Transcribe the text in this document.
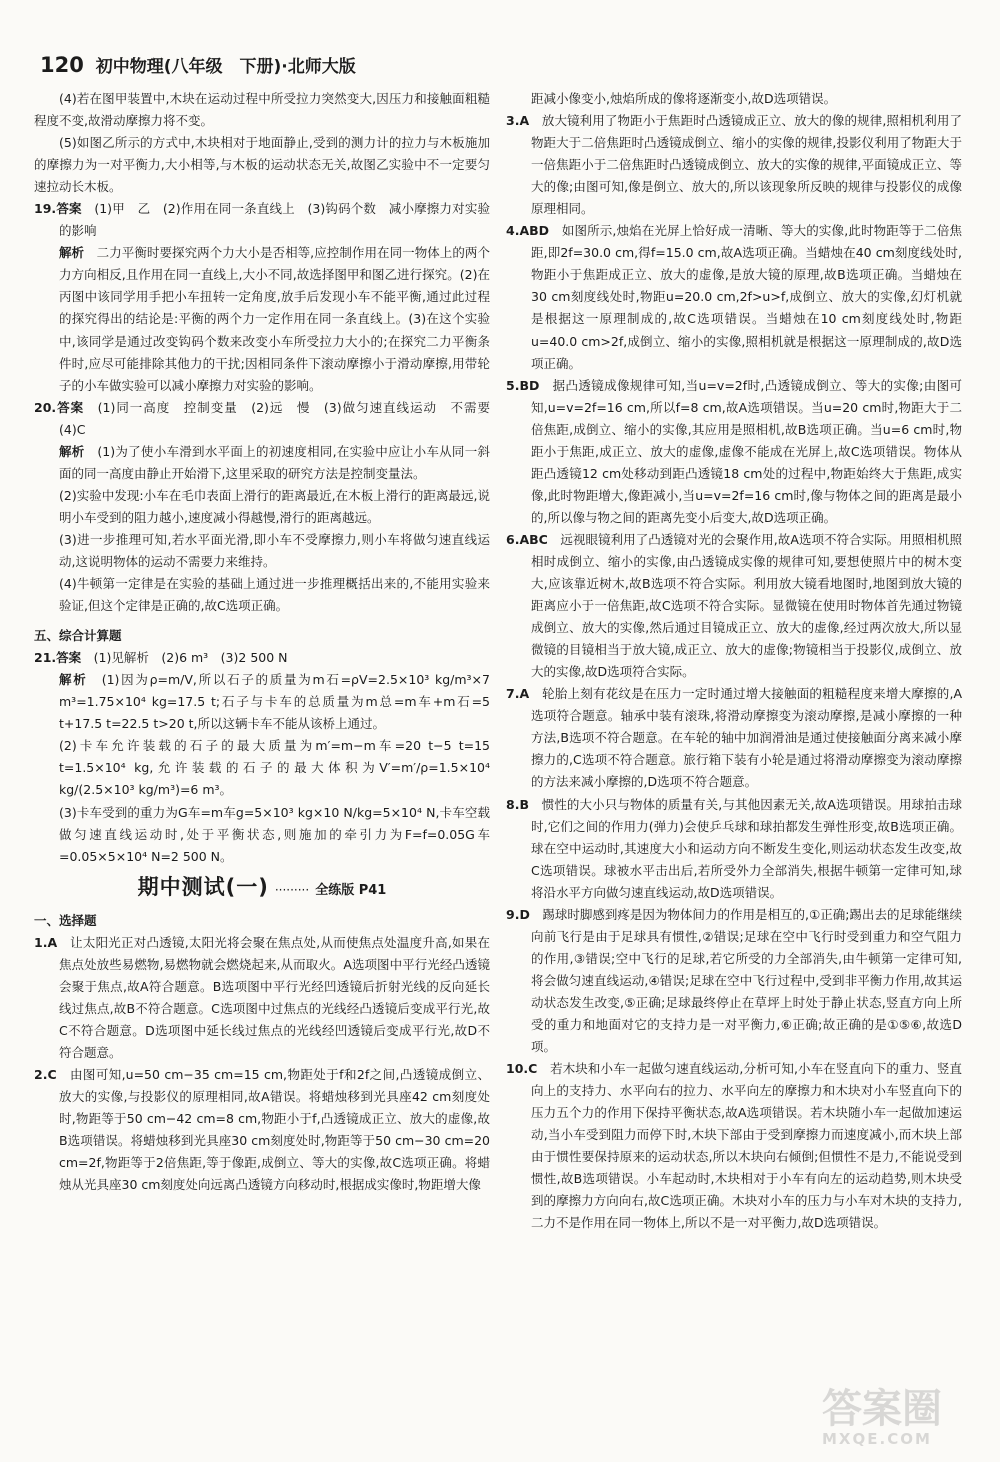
120 初中物理(八年级　下册)·北师大版

(4)若在图甲装置中,木块在运动过程中所受拉力突然变大,因压力和接触面粗糙程度不变,故滑动摩擦力将不变。

(5)如图乙所示的方式中,木块相对于地面静止,受到的测力计的拉力与木板施加的摩擦力为一对平衡力,大小相等,与木板的运动状态无关,故图乙实验中不一定要匀速拉动长木板。

19.答案　(1)甲　乙　(2)作用在同一条直线上　(3)钩码个数　减小摩擦力对实验的影响

解析　二力平衡时要探究两个力大小是否相等,应控制作用在同一物体上的两个力方向相反,且作用在同一直线上,大小不同,故选择图甲和图乙进行探究。(2)在丙图中该同学用手把小车扭转一定角度,放手后发现小车不能平衡,通过此过程的探究得出的结论是:平衡的两个力一定作用在同一条直线上。(3)在这个实验中,该同学是通过改变钩码个数来改变小车所受拉力大小的;在探究二力平衡条件时,应尽可能排除其他力的干扰;因相同条件下滚动摩擦小于滑动摩擦,用带轮子的小车做实验可以减小摩擦力对实验的影响。

20.答案　(1)同一高度　控制变量　(2)远　慢　(3)做匀速直线运动　不需要　(4)C

解析　(1)为了使小车滑到水平面上的初速度相同,在实验中应让小车从同一斜面的同一高度由静止开始滑下,这里采取的研究方法是控制变量法。

(2)实验中发现:小车在毛巾表面上滑行的距离最近,在木板上滑行的距离最远,说明小车受到的阻力越小,速度减小得越慢,滑行的距离越远。

(3)进一步推理可知,若水平面光滑,即小车不受摩擦力,则小车将做匀速直线运动,这说明物体的运动不需要力来维持。

(4)牛顿第一定律是在实验的基础上通过进一步推理概括出来的,不能用实验来验证,但这个定律是正确的,故C选项正确。

五、综合计算题

21.答案　(1)见解析　(2)6 m³　(3)2 500 N

解析　(1)因为ρ=m/V,所以石子的质量为m石=ρV=2.5×10³ kg/m³×7 m³=1.75×10⁴ kg=17.5 t;石子与卡车的总质量为m总=m车+m石=5 t+17.5 t=22.5 t>20 t,所以这辆卡车不能从该桥上通过。

(2)卡车允许装载的石子的最大质量为m′=m−m车=20 t−5 t=15 t=1.5×10⁴ kg,允许装载的石子的最大体积为V′=m′/ρ=1.5×10⁴ kg/(2.5×10³ kg/m³)=6 m³。

(3)卡车受到的重力为G车=m车g=5×10³ kg×10 N/kg=5×10⁴ N,卡车空载做匀速直线运动时,处于平衡状态,则施加的牵引力为F=f=0.05G车=0.05×5×10⁴ N=2 500 N。

期中测试(一) ········· 全练版 P41

一、选择题

1.A　让太阳光正对凸透镜,太阳光将会聚在焦点处,从而使焦点处温度升高,如果在焦点处放些易燃物,易燃物就会燃烧起来,从而取火。A选项图中平行光经凸透镜会聚于焦点,故A符合题意。B选项图中平行光经凹透镜后折射光线的反向延长线过焦点,故B不符合题意。C选项图中过焦点的光线经凸透镜后变成平行光,故C不符合题意。D选项图中延长线过焦点的光线经凹透镜后变成平行光,故D不符合题意。

2.C　由图可知,u=50 cm−35 cm=15 cm,物距处于f和2f之间,凸透镜成倒立、放大的实像,与投影仪的原理相同,故A错误。将蜡烛移到光具座42 cm刻度处时,物距等于50 cm−42 cm=8 cm,物距小于f,凸透镜成正立、放大的虚像,故B选项错误。将蜡烛移到光具座30 cm刻度处时,物距等于50 cm−30 cm=20 cm=2f,物距等于2倍焦距,等于像距,成倒立、等大的实像,故C选项正确。将蜡烛从光具座30 cm刻度处向远离凸透镜方向移动时,根据成实像时,物距增大像

距减小像变小,烛焰所成的像将逐渐变小,故D选项错误。

3.A　放大镜利用了物距小于焦距时凸透镜成正立、放大的像的规律,照相机利用了物距大于二倍焦距时凸透镜成倒立、缩小的实像的规律,投影仪利用了物距大于一倍焦距小于二倍焦距时凸透镜成倒立、放大的实像的规律,平面镜成正立、等大的像;由图可知,像是倒立、放大的,所以该现象所反映的规律与投影仪的成像原理相同。

4.ABD　如图所示,烛焰在光屏上恰好成一清晰、等大的实像,此时物距等于二倍焦距,即2f=30.0 cm,得f=15.0 cm,故A选项正确。当蜡烛在40 cm刻度线处时,物距小于焦距成正立、放大的虚像,是放大镜的原理,故B选项正确。当蜡烛在30 cm刻度线处时,物距u=20.0 cm,2f>u>f,成倒立、放大的实像,幻灯机就是根据这一原理制成的,故C选项错误。当蜡烛在10 cm刻度线处时,物距u=40.0 cm>2f,成倒立、缩小的实像,照相机就是根据这一原理制成的,故D选项正确。

5.BD　据凸透镜成像规律可知,当u=v=2f时,凸透镜成倒立、等大的实像;由图可知,u=v=2f=16 cm,所以f=8 cm,故A选项错误。当u=20 cm时,物距大于二倍焦距,成倒立、缩小的实像,其应用是照相机,故B选项正确。当u=6 cm时,物距小于焦距,成正立、放大的虚像,虚像不能成在光屏上,故C选项错误。物体从距凸透镜12 cm处移动到距凸透镜18 cm处的过程中,物距始终大于焦距,成实像,此时物距增大,像距减小,当u=v=2f=16 cm时,像与物体之间的距离是最小的,所以像与物之间的距离先变小后变大,故D选项正确。

6.ABC　远视眼镜利用了凸透镜对光的会聚作用,故A选项不符合实际。用照相机照相时成倒立、缩小的实像,由凸透镜成实像的规律可知,要想使照片中的树木变大,应该靠近树木,故B选项不符合实际。利用放大镜看地图时,地图到放大镜的距离应小于一倍焦距,故C选项不符合实际。显微镜在使用时物体首先通过物镜成倒立、放大的实像,然后通过目镜成正立、放大的虚像,经过两次放大,所以显微镜的目镜相当于放大镜,成正立、放大的虚像;物镜相当于投影仪,成倒立、放大的实像,故D选项符合实际。

7.A　轮胎上刻有花纹是在压力一定时通过增大接触面的粗糙程度来增大摩擦的,A选项符合题意。轴承中装有滚珠,将滑动摩擦变为滚动摩擦,是减小摩擦的一种方法,B选项不符合题意。在车轮的轴中加润滑油是通过使接触面分离来减小摩擦力的,C选项不符合题意。旅行箱下装有小轮是通过将滑动摩擦变为滚动摩擦的方法来减小摩擦的,D选项不符合题意。

8.B　惯性的大小只与物体的质量有关,与其他因素无关,故A选项错误。用球拍击球时,它们之间的作用力(弹力)会使乒乓球和球拍都发生弹性形变,故B选项正确。球在空中运动时,其速度大小和运动方向不断发生变化,则运动状态发生改变,故C选项错误。球被水平击出后,若所受外力全部消失,根据牛顿第一定律可知,球将沿水平方向做匀速直线运动,故D选项错误。

9.D　踢球时脚感到疼是因为物体间力的作用是相互的,①正确;踢出去的足球能继续向前飞行是由于足球具有惯性,②错误;足球在空中飞行时受到重力和空气阻力的作用,③错误;空中飞行的足球,若它所受的力全部消失,由牛顿第一定律可知,将会做匀速直线运动,④错误;足球在空中飞行过程中,受到非平衡力作用,故其运动状态发生改变,⑤正确;足球最终停止在草坪上时处于静止状态,竖直方向上所受的重力和地面对它的支持力是一对平衡力,⑥正确;故正确的是①⑤⑥,故选D项。

10.C　若木块和小车一起做匀速直线运动,分析可知,小车在竖直向下的重力、竖直向上的支持力、水平向右的拉力、水平向左的摩擦力和木块对小车竖直向下的压力五个力的作用下保持平衡状态,故A选项错误。若木块随小车一起做加速运动,当小车受到阻力而停下时,木块下部由于受到摩擦力而速度减小,而木块上部由于惯性要保持原来的运动状态,所以木块向右倾倒;但惯性不是力,不能说受到惯性,故B选项错误。小车起动时,木块相对于小车有向左的运动趋势,则木块受到的摩擦力方向向右,故C选项正确。木块对小车的压力与小车对木块的支持力,二力不是作用在同一物体上,所以不是一对平衡力,故D选项错误。

答案圈
MXQE.COM
